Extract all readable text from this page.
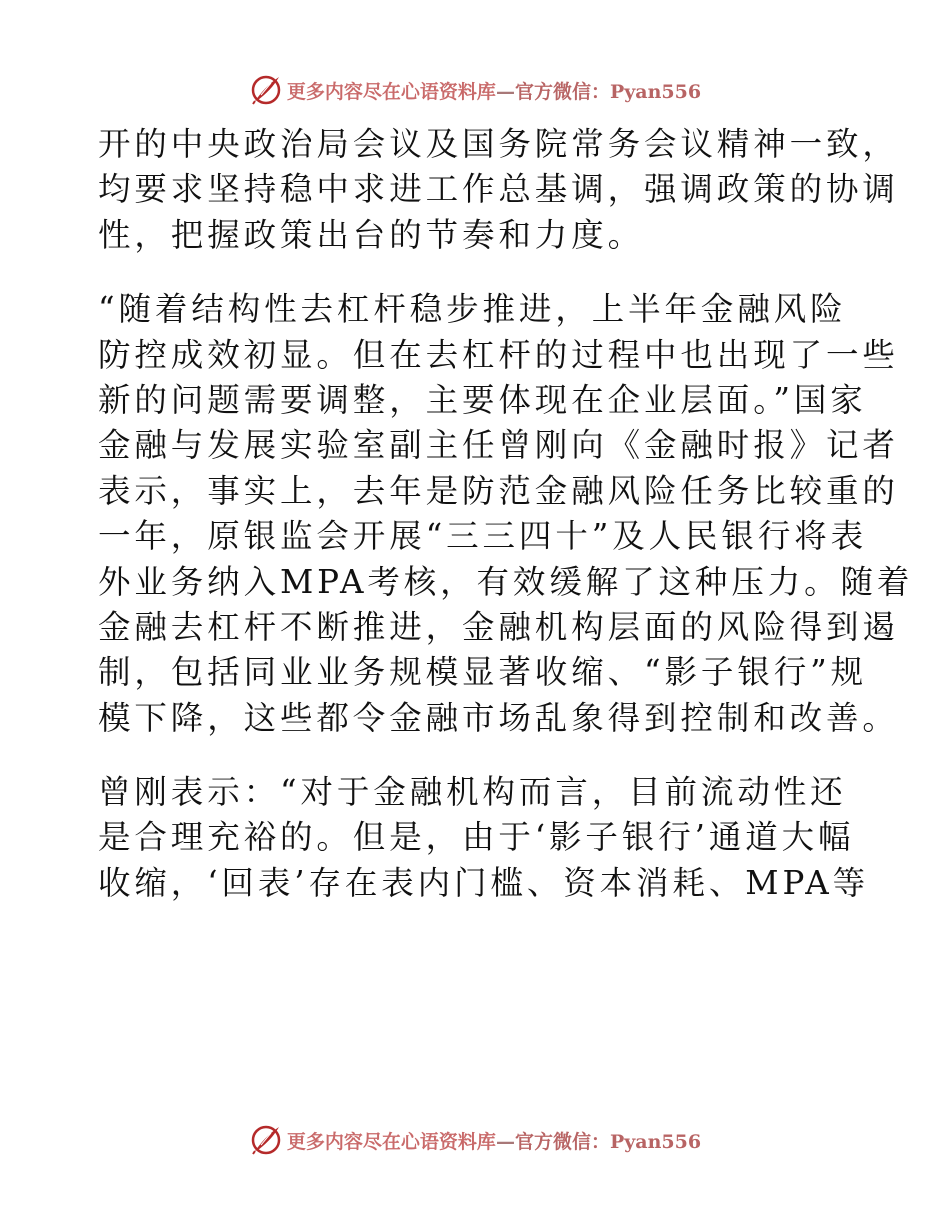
更多内容尽在心语资料库—官方微信：Pyan556
开的中央政治局会议及国务院常务会议精神一致，
均要求坚持稳中求进工作总基调，强调政策的协调
性，把握政策出台的节奏和力度。
“随着结构性去杠杆稳步推进，上半年金融风险
防控成效初显。但在去杠杆的过程中也出现了一些
新的问题需要调整，主要体现在企业层面。”国家
金融与发展实验室副主任曾刚向《金融时报》记者
表示，事实上，去年是防范金融风险任务比较重的
一年，原银监会开展“三三四十”及人民银行将表
外业务纳入MPA考核，有效缓解了这种压力。随着
金融去杠杆不断推进，金融机构层面的风险得到遏
制，包括同业业务规模显著收缩、“影子银行”规
模下降，这些都令金融市场乱象得到控制和改善。
曾刚表示：“对于金融机构而言，目前流动性还
是合理充裕的。但是，由于‘影子银行’通道大幅
收缩，‘回表’存在表内门槛、资本消耗、MPA等
更多内容尽在心语资料库—官方微信：Pyan556
